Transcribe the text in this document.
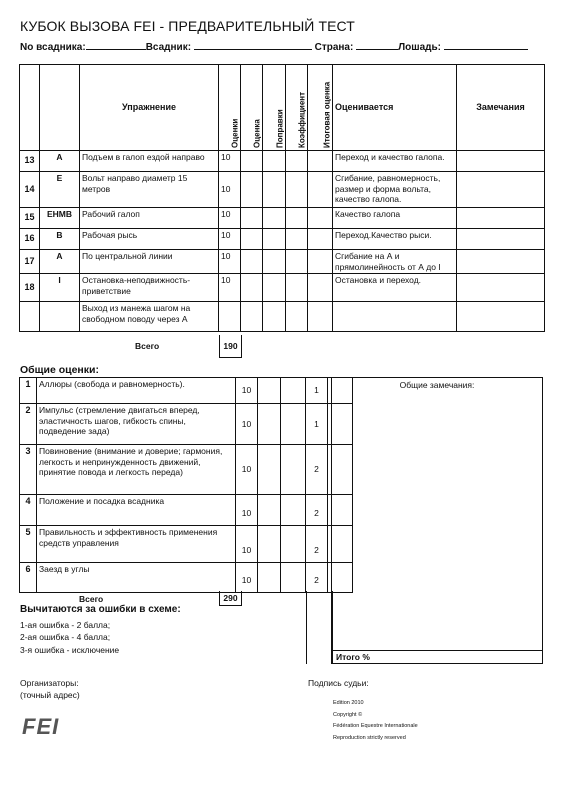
КУБОК ВЫЗОВА FEI - ПРЕДВАРИТЕЛЬНЫЙ ТЕСТ
No всадника:	Всадник:	Страна:	Лошадь:
		Упражнение	Оценки	Оценка	Поправки	Коэффициент	Итоговая оценка	Оценивается	Замечания
13	A	Подъем в галоп ездой направо	10					Переход и качество галопа.	
14	E	Вольт направо диаметр 15 метров	10					Сгибание, равномерность, размер и форма вольта, качество галопа.	
15	EHMB	Рабочий галоп	10					Качество галопа	
16	B	Рабочая рысь	10					Переход.Качество рыси.	
17	A	По центральной линии	10					Сгибание на А и прямолинейность от А до I	
18	I	Остановка-неподвижность-приветствие	10					Остановка и переход.	
		Выход из манежа шагом на свободном поводу через А							
Всего	190
Общие оценки:
1	Аллюры (свобода и равномерность).	10			1	
2	Импульс (стремление двигаться вперед, эластичность шагов, гибкость спины, подведение зада)	10			1	
3	Повиновение (внимание и доверие; гармония, легкость и непринужденность движений, принятие повода и легкость переда)	10			2	
4	Положение и посадка всадника	10			2	
5	Правильность и эффективность применения средств управления	10			2	
6	Заезд в углы	10			2	
Общие замечания:
Итого %
Всего	290
Вычитаются за ошибки в схеме:
1-ая ошибка - 2 балла;
2-ая ошибка - 4 балла;
3-я ошибка - исключение
Организаторы:
(точный адрес)
Подпись судьи:
Edition 2010
Copyright ©
Fédération Equestre Internationale
Reproduction strictly reserved
FEI
